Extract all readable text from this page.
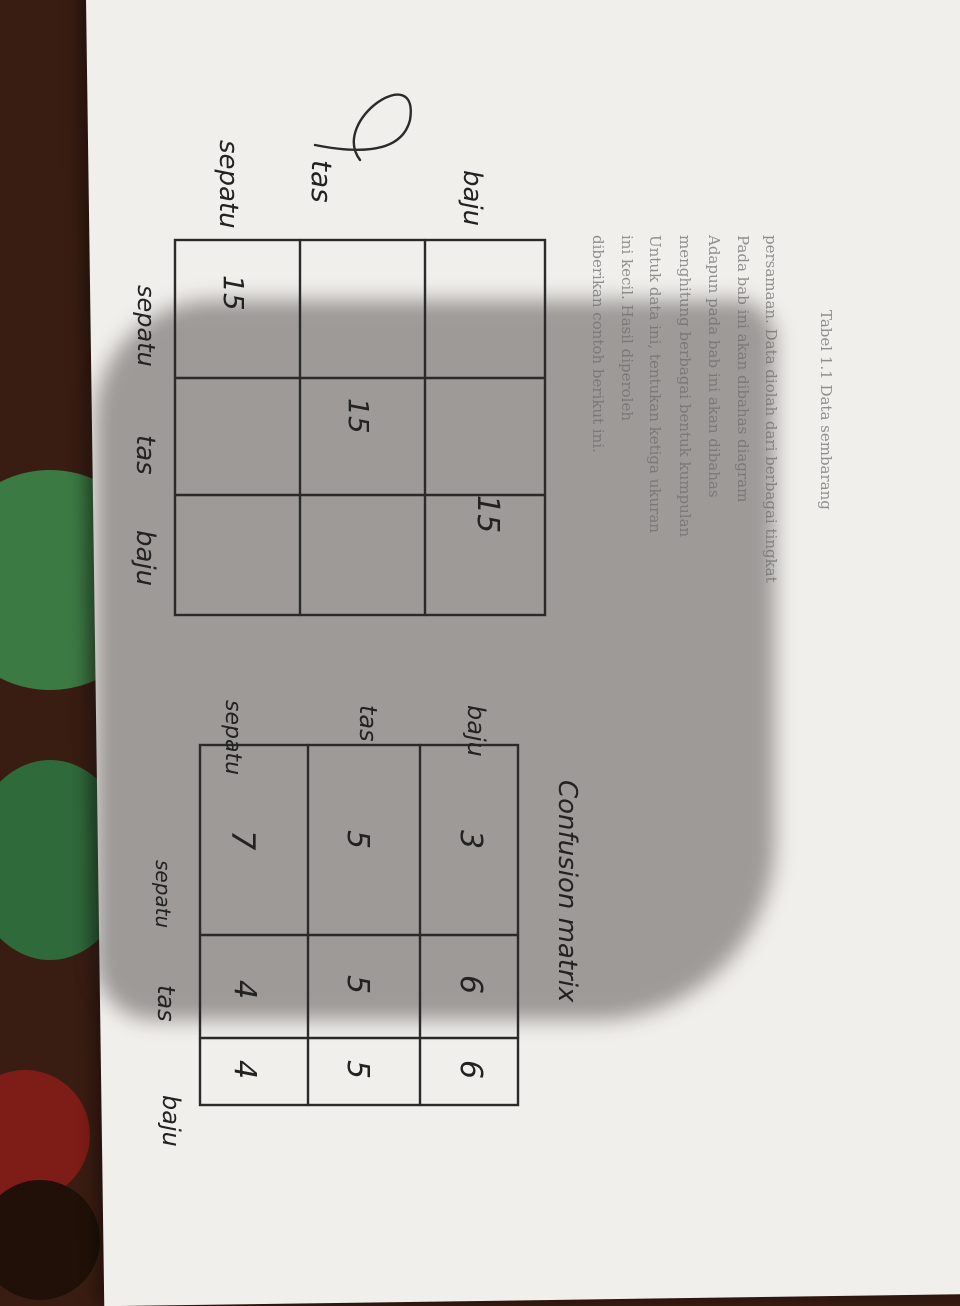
Tabel 1.1 Data sembarang
persamaan. Data diolah dari berbagai tingkat
Pada bab ini akan dibahas diagram
Adapun pada bab ini akan dibahas
menghitung berbagai bentuk kumpulan
Untuk data ini, tentukan ketiga ukuran
ini kecil. Hasil diperoleh
diberikan contoh berikut ini.
baju
tas
sepatu
sepatu
tas
baju
15
15
15
Confusion matrix
baju
tas
sepatu
sepatu
tas
baju
3
6
6
5
5
5
7
4
4
